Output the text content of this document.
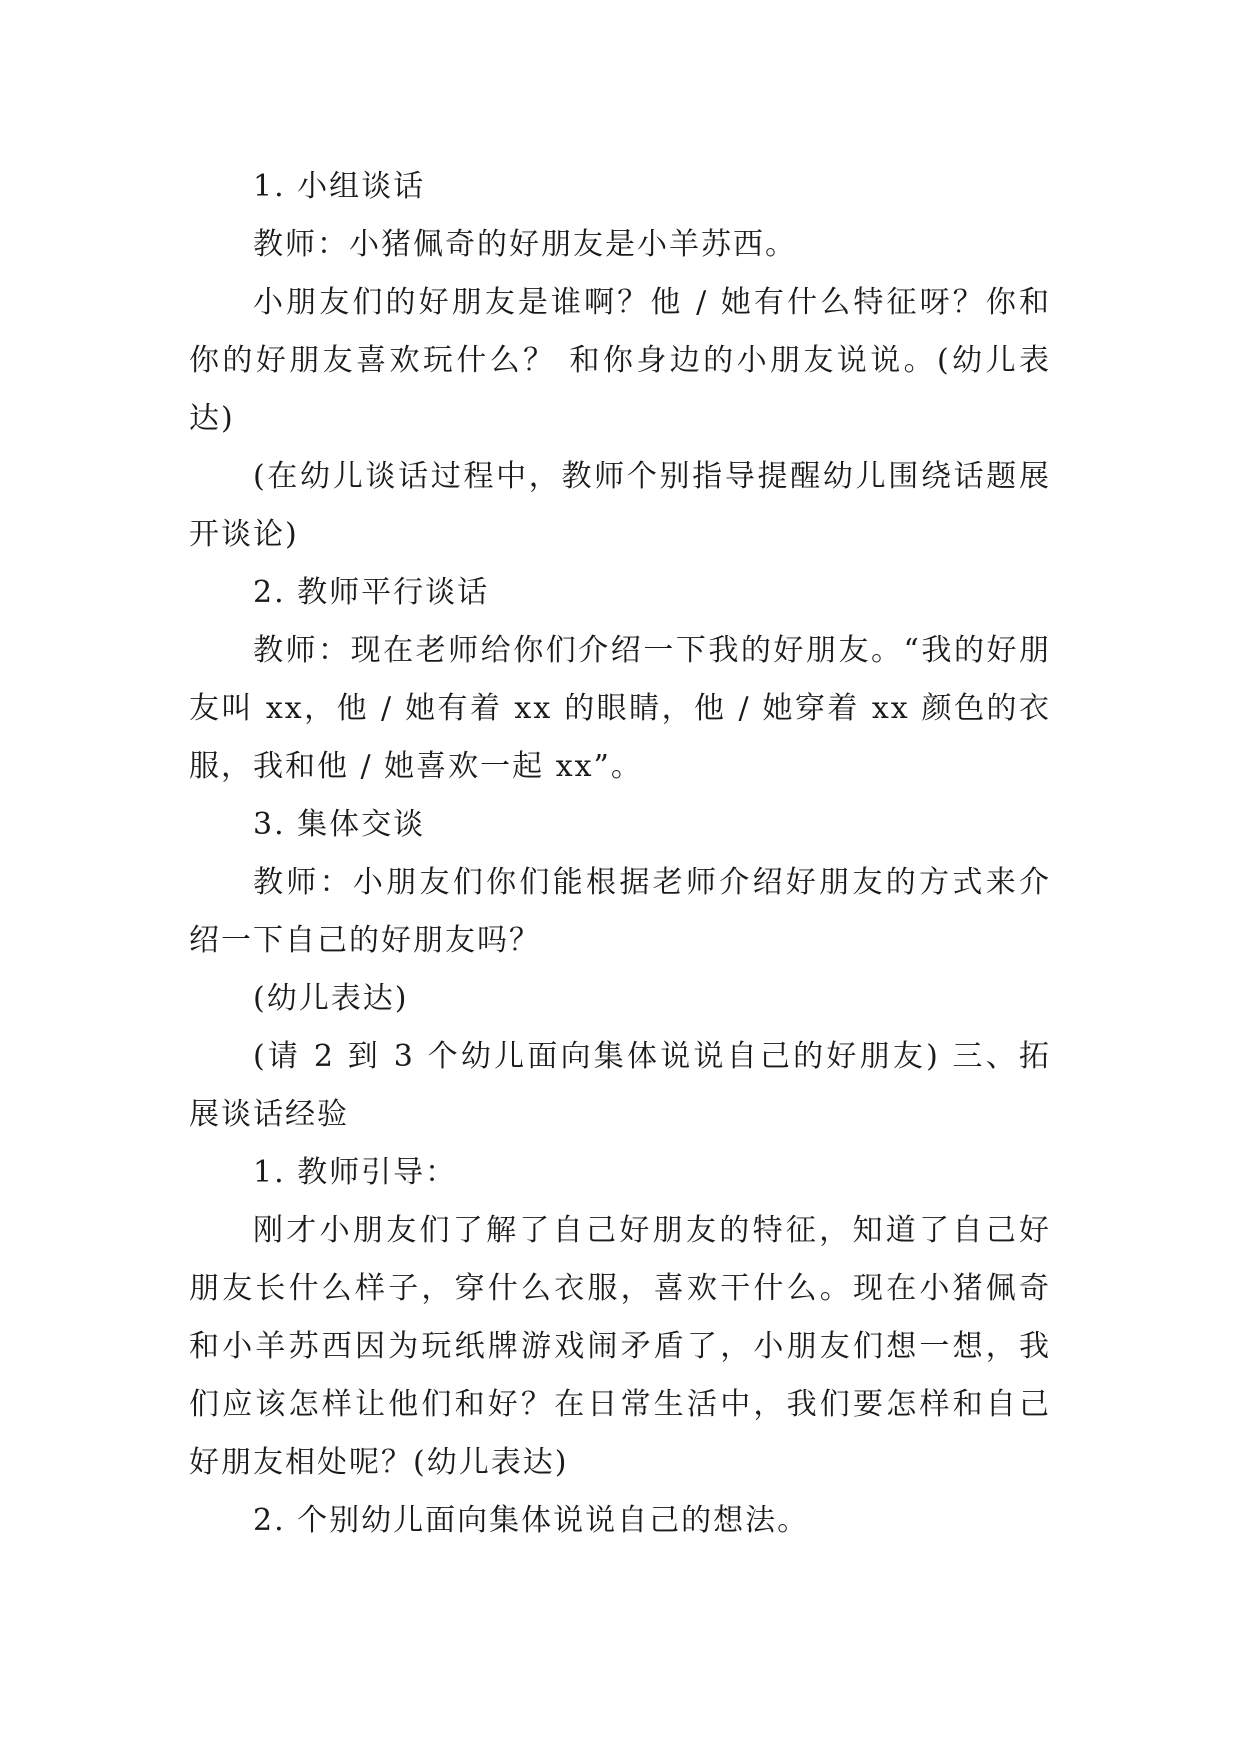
1. 小组谈话

教师：小猪佩奇的好朋友是小羊苏西。

小朋友们的好朋友是谁啊？他 / 她有什么特征呀？你和你的好朋友喜欢玩什么？ 和你身边的小朋友说说。(幼儿表达)

(在幼儿谈话过程中，教师个别指导提醒幼儿围绕话题展开谈论)

2. 教师平行谈话

教师：现在老师给你们介绍一下我的好朋友。“我的好朋友叫 xx，他 / 她有着 xx 的眼睛，他 / 她穿着 xx 颜色的衣服，我和他 / 她喜欢一起 xx”。

3. 集体交谈

教师：小朋友们你们能根据老师介绍好朋友的方式来介绍一下自己的好朋友吗？

(幼儿表达)

(请 2 到 3 个幼儿面向集体说说自己的好朋友) 三、拓展谈话经验

1. 教师引导：

刚才小朋友们了解了自己好朋友的特征，知道了自己好朋友长什么样子，穿什么衣服，喜欢干什么。现在小猪佩奇和小羊苏西因为玩纸牌游戏闹矛盾了，小朋友们想一想，我们应该怎样让他们和好？在日常生活中，我们要怎样和自己好朋友相处呢？(幼儿表达)

2. 个别幼儿面向集体说说自己的想法。
